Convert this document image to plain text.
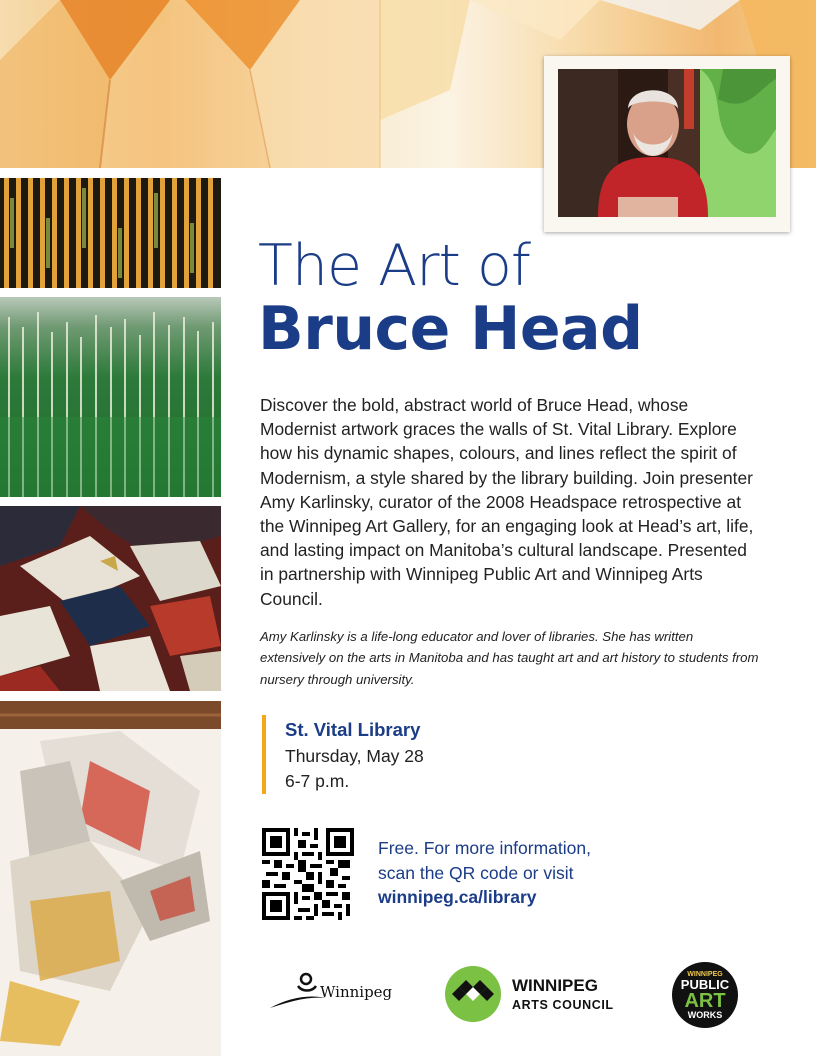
The Art of
Bruce Head
Discover the bold, abstract world of Bruce Head, whose Modernist artwork graces the walls of St. Vital Library. Explore how his dynamic shapes, colours, and lines reflect the spirit of Modernism, a style shared by the library building. Join presenter Amy Karlinsky, curator of the 2008 Headspace retrospective at the Winnipeg Art Gallery, for an engaging look at Head’s art, life, and lasting impact on Manitoba’s cultural landscape. Presented in partnership with Winnipeg Public Art and Winnipeg Arts Council.
Amy Karlinsky is a life-long educator and lover of libraries. She has written extensively on the arts in Manitoba and has taught art and art history to students from nursery through university.
St. Vital Library
Thursday, May 28
6-7 p.m.
Free. For more information,
scan the QR code or visit
winnipeg.ca/library
Winnipeg	WINNIPEG
ARTS COUNCIL
WINNIPEG
PUBLIC
ART
WORKS
